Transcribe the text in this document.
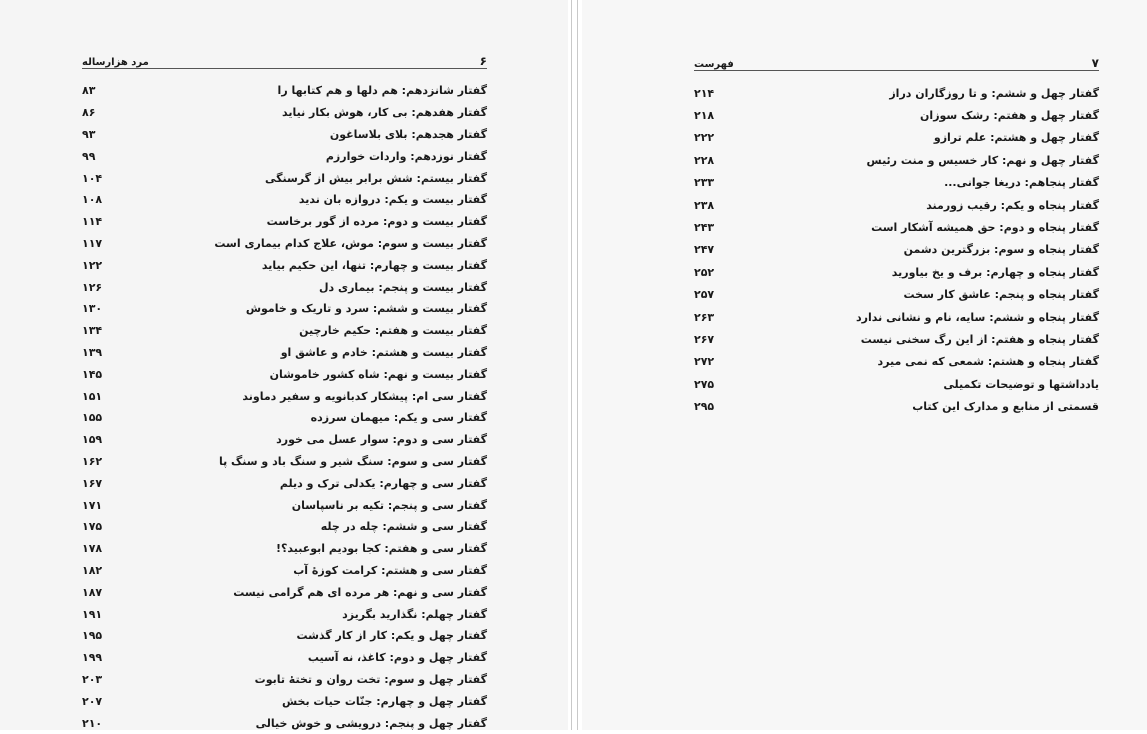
مرد هزارساله	۶
۸۳	گفتار شانزدهم: هم دلها و هم کتابها را
۸۶	گفتار هفدهم: بی کار، هوش بکار نیاید
۹۳	گفتار هجدهم: بلای بلاساغون
۹۹	گفتار نوزدهم: واردات خوارزم
۱۰۴	گفتار بیستم: شش برابر بیش از گرسنگی
۱۰۸	گفتار بیست و یکم: دروازه بان ندید
۱۱۴	گفتار بیست و دوم: مرده از گور برخاست
۱۱۷	گفتار بیست و سوم: موش، علاج کدام بیماری است
۱۲۲	گفتار بیست و چهارم: تنها، این حکیم بیاید
۱۲۶	گفتار بیست و پنجم: بیماری دل
۱۳۰	گفتار بیست و ششم: سرد و تاریک و خاموش
۱۳۴	گفتار بیست و هفتم: حکیم خارچین
۱۳۹	گفتار بیست و هشتم: خادم و عاشق او
۱۴۵	گفتار بیست و نهم: شاه کشور خاموشان
۱۵۱	گفتار سی ام: پیشکار کدبانویه و سفیر دماوند
۱۵۵	گفتار سی و یکم: میهمان سرزده
۱۵۹	گفتار سی و دوم: سوار عسل می خورد
۱۶۲	گفتار سی و سوم: سنگ شیر و سنگ باد و سنگ پا
۱۶۷	گفتار سی و چهارم: یکدلی ترک و دیلم
۱۷۱	گفتار سی و پنجم: تکیه بر ناسپاسان
۱۷۵	گفتار سی و ششم: چله در چله
۱۷۸	گفتار سی و هفتم: کجا بودیم ابوعبید؟!
۱۸۲	گفتار سی و هشتم: کرامت کوزهٔ آب
۱۸۷	گفتار سی و نهم: هر مرده ای هم گرامی نیست
۱۹۱	گفتار چهلم: نگذارید بگریزد
۱۹۵	گفتار چهل و یکم: کار از کار گذشت
۱۹۹	گفتار چهل و دوم: کاغذ، نه آسیب
۲۰۳	گفتار چهل و سوم: تخت روان و تختهٔ تابوت
۲۰۷	گفتار چهل و چهارم: جنّات حیات بخش
۲۱۰	گفتار چهل و پنجم: درویشی و خوش خیالی
فهرست	۷
۲۱۴	گفتار چهل و ششم: و تا روزگاران دراز
۲۱۸	گفتار چهل و هفتم: رشک سوزان
۲۲۲	گفتار چهل و هشتم: علم ترازو
۲۲۸	گفتار چهل و نهم: کار خسیس و منت رئیس
۲۳۳	گفتار پنجاهم: دریغا جوانی...
۲۳۸	گفتار پنجاه و یکم: رقیب زورمند
۲۴۳	گفتار پنجاه و دوم: حق همیشه آشکار است
۲۴۷	گفتار پنجاه و سوم: بزرگترین دشمن
۲۵۲	گفتار پنجاه و چهارم: برف و یخ بیاورید
۲۵۷	گفتار پنجاه و پنجم: عاشق کار سخت
۲۶۳	گفتار پنجاه و ششم: سایه، نام و نشانی ندارد
۲۶۷	گفتار پنجاه و هفتم: از این رگ سخنی نیست
۲۷۲	گفتار پنجاه و هشتم: شمعی که نمی میرد
۲۷۵	یادداشتها و توضیحات تکمیلی
۲۹۵	قسمتی از منابع و مدارک این کتاب
